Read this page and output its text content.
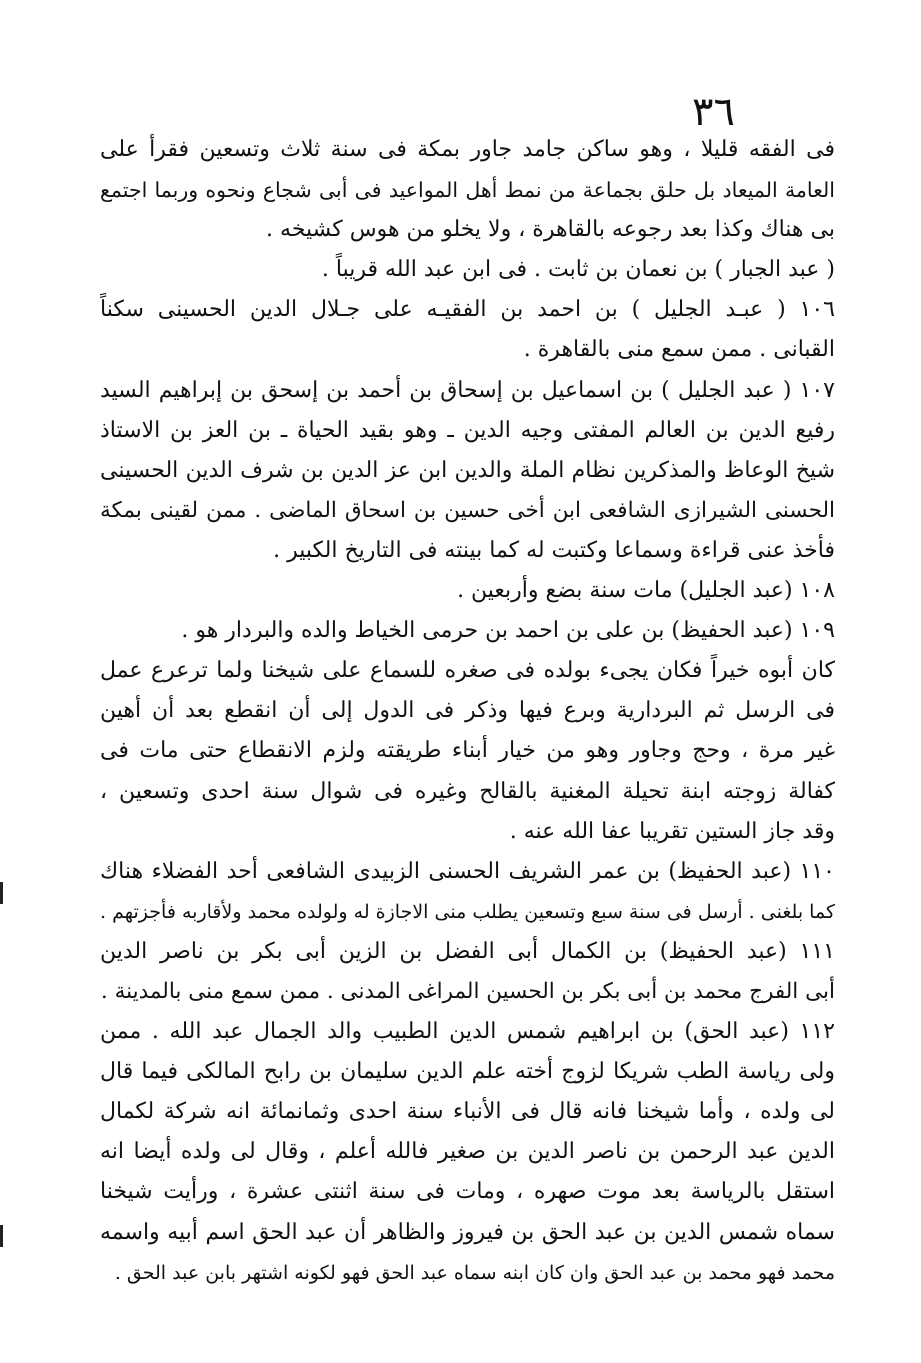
٣٦
فى الفقه قليلا ، وهو ساكن جامد جاور بمكة فى سنة ثلاث وتسعين فقرأ على
العامة الميعاد بل حلق بجماعة من نمط أهل المواعيد فى أبى شجاع ونحوه وربما اجتمع
بى هناك وكذا بعد رجوعه بالقاهرة ، ولا يخلو من هوس كشيخه .
( عبد الجبار ) بن نعمان بن ثابت . فى ابن عبد الله قريباً .
١٠٦ ( عبـد الجليل ) بن احمد بن الفقيـه على جـلال الدين الحسينى سكناً
القبانى . ممن سمع منى بالقاهرة .
١٠٧ ( عبد الجليل ) بن اسماعيل بن إسحاق بن أحمد بن إسحق بن إبراهيم السيد
رفيع الدين بن العالم المفتى وجيه الدين ـ وهو بقيد الحياة ـ بن العز بن الاستاذ
شيخ الوعاظ والمذكرين نظام الملة والدين ابن عز الدين بن شرف الدين الحسينى
الحسنى الشيرازى الشافعى ابن أخى حسين بن اسحاق الماضى . ممن لقينى بمكة
فأخذ عنى قراءة وسماعا وكتبت له كما بينته فى التاريخ الكبير .
١٠٨ (عبد الجليل) مات سنة بضع وأربعين .
١٠٩ (عبد الحفيظ) بن على بن احمد بن حرمى الخياط والده والبردار هو .
كان أبوه خيراً فكان يجىء بولده فى صغره للسماع على شيخنا ولما ترعرع عمل
فى الرسل ثم البردارية وبرع فيها وذكر فى الدول إلى أن انقطع بعد أن أهين
غير مرة ، وحج وجاور وهو من خيار أبناء طريقته ولزم الانقطاع حتى مات فى
كفالة زوجته ابنة تحيلة المغنية بالقالح وغيره فى شوال سنة احدى وتسعين ،
وقد جاز الستين تقريبا عفا الله عنه .
١١٠ (عبد الحفيظ) بن عمر الشريف الحسنى الزبيدى الشافعى أحد الفضلاء هناك
كما بلغنى . أرسل فى سنة سبع وتسعين يطلب منى الاجازة له ولولده محمد ولأقاربه فأجزتهم .
١١١ (عبد الحفيظ) بن الكمال أبى الفضل بن الزين أبى بكر بن ناصر الدين
أبى الفرج محمد بن أبى بكر بن الحسين المراغى المدنى . ممن سمع منى بالمدينة .
١١٢ (عبد الحق) بن ابراهيم شمس الدين الطبيب والد الجمال عبد الله . ممن
ولى رياسة الطب شريكا لزوج أخته علم الدين سليمان بن رابح المالكى فيما قال
لى ولده ، وأما شيخنا فانه قال فى الأنباء سنة احدى وثمانمائة انه شركة لكمال
الدين عبد الرحمن بن ناصر الدين بن صغير فالله أعلم ، وقال لى ولده أيضا انه
استقل بالرياسة بعد موت صهره ، ومات فى سنة اثنتى عشرة ، ورأيت شيخنا
سماه شمس الدين بن عبد الحق بن فيروز والظاهر أن عبد الحق اسم أبيه واسمه
محمد فهو محمد بن عبد الحق وان كان ابنه سماه عبد الحق فهو لكونه اشتهر بابن عبد الحق .
